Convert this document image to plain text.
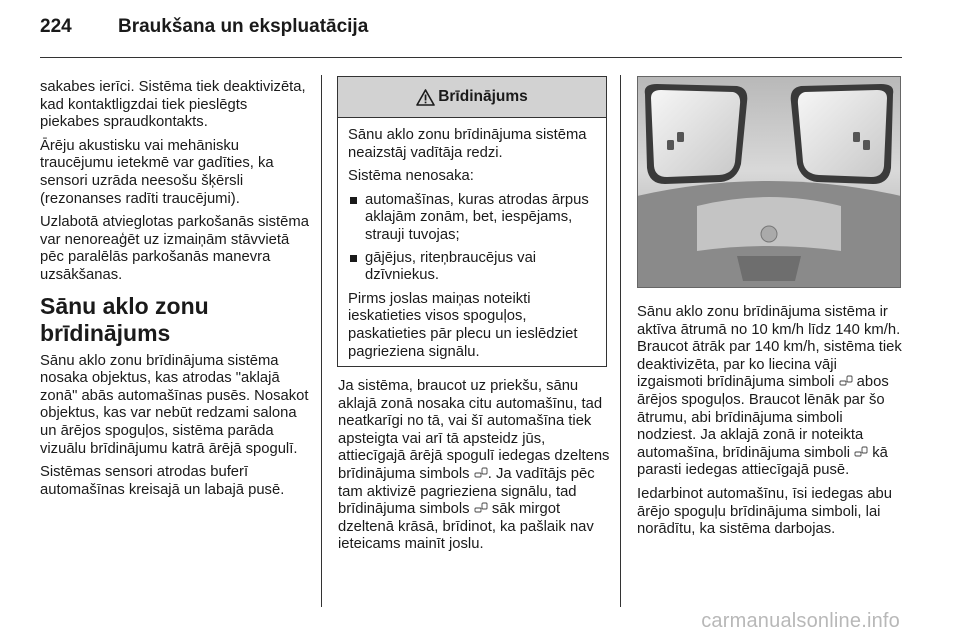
224 Braukšana un ekspluatācija

sakabes ierīci. Sistēma tiek deaktivizēta, kad kontaktligzdai tiek pieslēgts piekabes spraudkontakts.

Ārēju akustisku vai mehānisku traucējumu ietekmē var gadīties, ka sensori uzrāda neesošu šķērsli (rezonanses radīti traucējumi).

Uzlabotā atvieglotas parkošanās sistēma var nenoreaģēt uz izmaiņām stāvvietā pēc paralēlās parkošanās manevra uzsākšanas.

Sānu aklo zonu brīdinājums

Sānu aklo zonu brīdinājuma sistēma nosaka objektus, kas atrodas "aklajā zonā" abās automašīnas pusēs. Nosakot objektus, kas var nebūt redzami salona un ārējos spoguļos, sistēma parāda vizuālu brīdinājumu katrā ārējā spogulī.

Sistēmas sensori atrodas buferī automašīnas kreisajā un labajā pusē.

Brīdinājums

Sānu aklo zonu brīdinājuma sistēma neaizstāj vadītāja redzi.

Sistēma nenosaka:

automašīnas, kuras atrodas ārpus aklajām zonām, bet, iespējams, strauji tuvojas;
gājējus, riteņbraucējus vai dzīvniekus.

Pirms joslas maiņas noteikti ieskatieties visos spoguļos, paskatieties pār plecu un ieslēdziet pagrieziena signālu.

Ja sistēma, braucot uz priekšu, sānu aklajā zonā nosaka citu automašīnu, tad neatkarīgi no tā, vai šī automašīna tiek apsteigta vai arī tā apsteidz jūs, attiecīgajā ārējā spogulī iedegas dzeltens brīdinājuma simbols . Ja vadītājs pēc tam aktivizē pagrieziena signālu, tad brīdinājuma simbols sāk mirgot dzeltenā krāsā, brīdinot, ka pašlaik nav ieteicams mainīt joslu.

Sānu aklo zonu brīdinājuma sistēma ir aktīva ātrumā no 10 km/h līdz 140 km/h. Braucot ātrāk par 140 km/h, sistēma tiek deaktivizēta, par ko liecina vāji izgaismoti brīdinājuma simboli abos ārējos spoguļos. Braucot lēnāk par šo ātrumu, abi brīdinājuma simboli nodziest. Ja aklajā zonā ir noteikta automašīna, brīdinājuma simboli kā parasti iedegas attiecīgajā pusē.

Iedarbinot automašīnu, īsi iedegas abu ārējo spoguļu brīdinājuma simboli, lai norādītu, ka sistēma darbojas.

carmanualsonline.info
